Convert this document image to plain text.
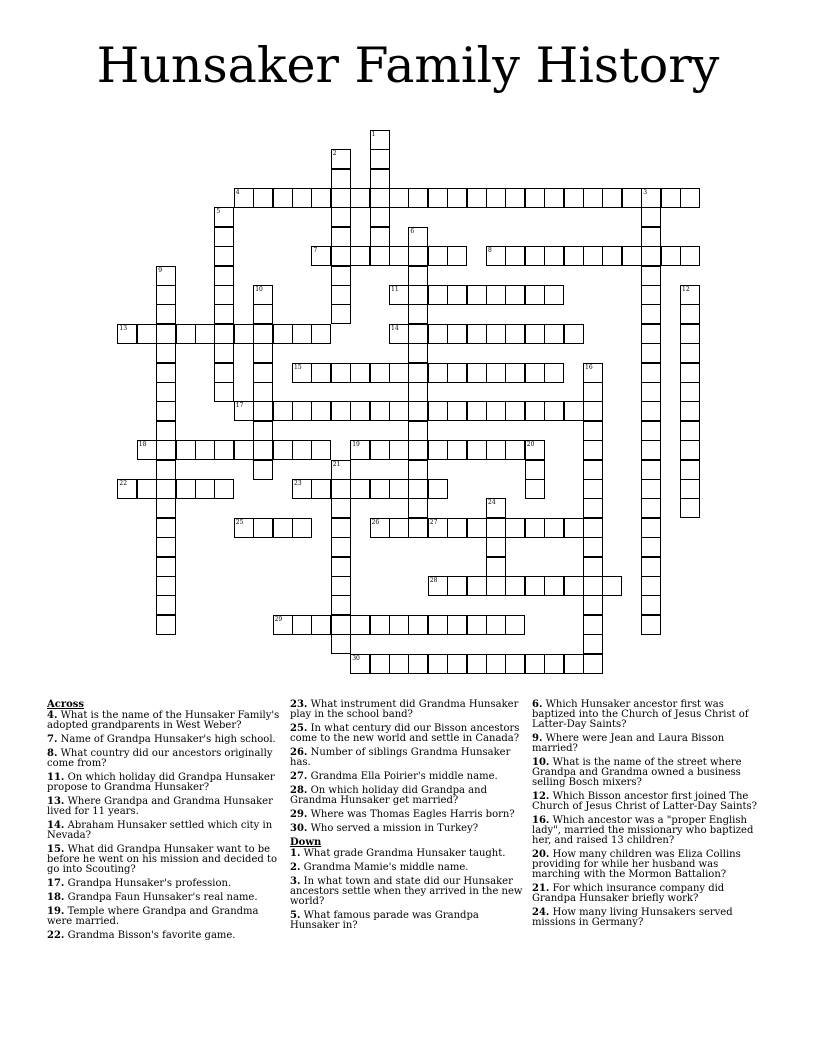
Hunsaker Family History
4	3
7	8
11
13	14
15
17
18	19	20
22	23
25	26	27
28
29
30
1
2
5
6
9
10	12
16
21
24
Across
4. What is the name of the Hunsaker Family's adopted grandparents in West Weber?
7. Name of Grandpa Hunsaker's high school.
8. What country did our ancestors originally come from?
11. On which holiday did Grandpa Hunsaker propose to Grandma Hunsaker?
13. Where Grandpa and Grandma Hunsaker lived for 11 years.
14. Abraham Hunsaker settled which city in Nevada?
15. What did Grandpa Hunsaker want to be before he went on his mission and decided to go into Scouting?
17. Grandpa Hunsaker's profession.
18. Grandpa Faun Hunsaker's real name.
19. Temple where Grandpa and Grandma were married.
22. Grandma Bisson's favorite game.
23. What instrument did Grandma Hunsaker play in the school band?
25. In what century did our Bisson ancestors come to the new world and settle in Canada?
26. Number of siblings Grandma Hunsaker has.
27. Grandma Ella Poirier's middle name.
28. On which holiday did Grandpa and Grandma Hunsaker get married?
29. Where was Thomas Eagles Harris born?
30. Who served a mission in Turkey?
Down
1. What grade Grandma Hunsaker taught.
2. Grandma Mamie's middle name.
3. In what town and state did our Hunsaker ancestors settle when they arrived in the new world?
5. What famous parade was Grandpa Hunsaker in?
6. Which Hunsaker ancestor first was baptized into the Church of Jesus Christ of Latter-Day Saints?
9. Where were Jean and Laura Bisson married?
10. What is the name of the street where Grandpa and Grandma owned a business selling Bosch mixers?
12. Which Bisson ancestor first joined The Church of Jesus Christ of Latter-Day Saints?
16. Which ancestor was a "proper English lady", married the missionary who baptized her, and raised 13 children?
20. How many children was Eliza Collins providing for while her husband was marching with the Mormon Battalion?
21. For which insurance company did Grandpa Hunsaker briefly work?
24. How many living Hunsakers served missions in Germany?
